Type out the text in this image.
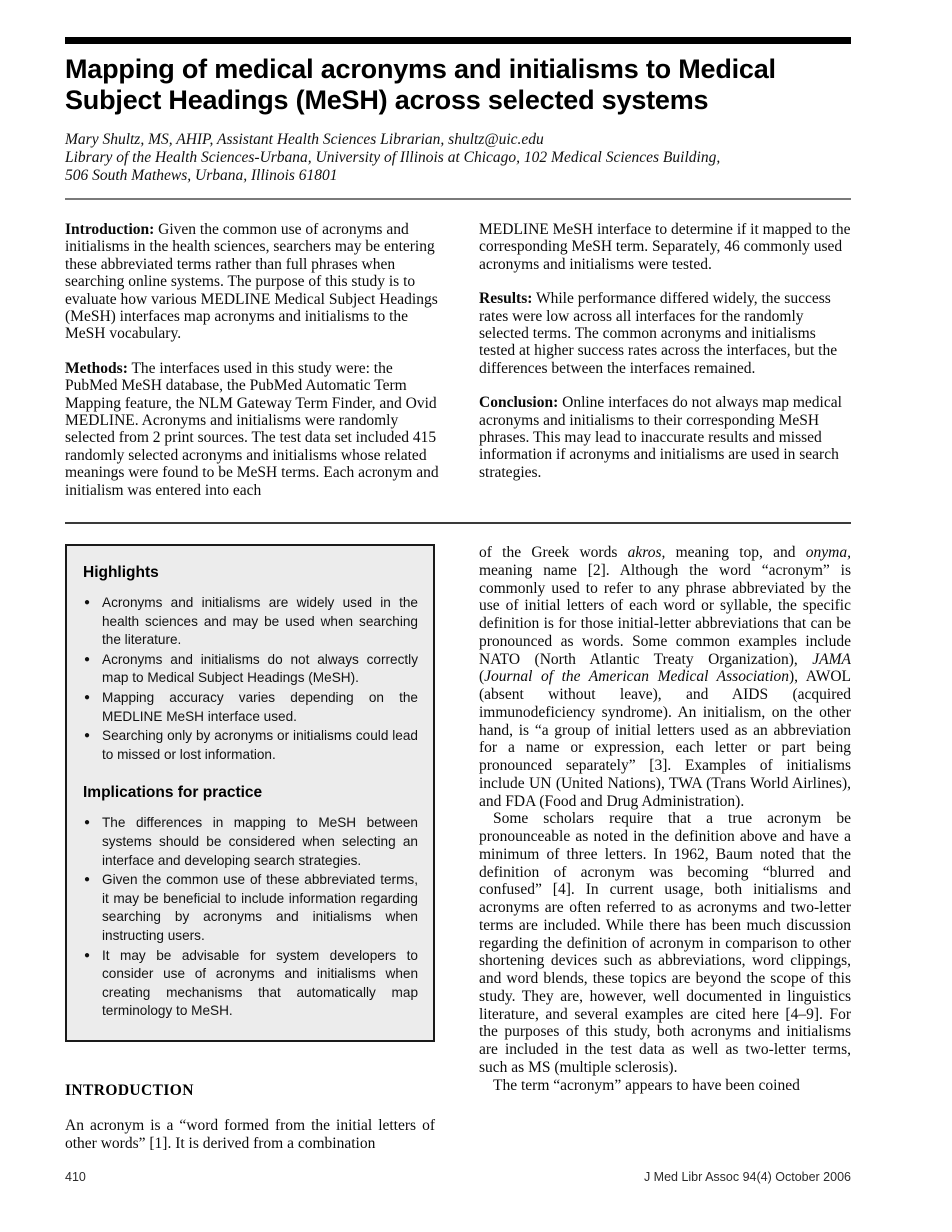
Mapping of medical acronyms and initialisms to Medical Subject Headings (MeSH) across selected systems
Mary Shultz, MS, AHIP, Assistant Health Sciences Librarian, shultz@uic.edu
Library of the Health Sciences-Urbana, University of Illinois at Chicago, 102 Medical Sciences Building,
506 South Mathews, Urbana, Illinois 61801

Introduction: Given the common use of acronyms and initialisms in the health sciences, searchers may be entering these abbreviated terms rather than full phrases when searching online systems. The purpose of this study is to evaluate how various MEDLINE Medical Subject Headings (MeSH) interfaces map acronyms and initialisms to the MeSH vocabulary.

Methods: The interfaces used in this study were: the PubMed MeSH database, the PubMed Automatic Term Mapping feature, the NLM Gateway Term Finder, and Ovid MEDLINE. Acronyms and initialisms were randomly selected from 2 print sources. The test data set included 415 randomly selected acronyms and initialisms whose related meanings were found to be MeSH terms. Each acronym and initialism was entered into each

MEDLINE MeSH interface to determine if it mapped to the corresponding MeSH term. Separately, 46 commonly used acronyms and initialisms were tested.

Results: While performance differed widely, the success rates were low across all interfaces for the randomly selected terms. The common acronyms and initialisms tested at higher success rates across the interfaces, but the differences between the interfaces remained.

Conclusion: Online interfaces do not always map medical acronyms and initialisms to their corresponding MeSH phrases. This may lead to inaccurate results and missed information if acronyms and initialisms are used in search strategies.

Highlights
● Acronyms and initialisms are widely used in the health sciences and may be used when searching the literature.
● Acronyms and initialisms do not always correctly map to Medical Subject Headings (MeSH).
● Mapping accuracy varies depending on the MEDLINE MeSH interface used.
● Searching only by acronyms or initialisms could lead to missed or lost information.
Implications for practice
● The differences in mapping to MeSH between systems should be considered when selecting an interface and developing search strategies.
● Given the common use of these abbreviated terms, it may be beneficial to include information regarding searching by acronyms and initialisms when instructing users.
● It may be advisable for system developers to consider use of acronyms and initialisms when creating mechanisms that automatically map terminology to MeSH.
INTRODUCTION

An acronym is a “word formed from the initial letters of other words” [1]. It is derived from a combination

of the Greek words akros, meaning top, and onyma, meaning name [2]. Although the word “acronym” is commonly used to refer to any phrase abbreviated by the use of initial letters of each word or syllable, the specific definition is for those initial-letter abbreviations that can be pronounced as words. Some common examples include NATO (North Atlantic Treaty Organization), JAMA (Journal of the American Medical Association), AWOL (absent without leave), and AIDS (acquired immunodeficiency syndrome). An initialism, on the other hand, is “a group of initial letters used as an abbreviation for a name or expression, each letter or part being pronounced separately” [3]. Examples of initialisms include UN (United Nations), TWA (Trans World Airlines), and FDA (Food and Drug Administration).

Some scholars require that a true acronym be pronounceable as noted in the definition above and have a minimum of three letters. In 1962, Baum noted that the definition of acronym was becoming “blurred and confused” [4]. In current usage, both initialisms and acronyms are often referred to as acronyms and two-letter terms are included. While there has been much discussion regarding the definition of acronym in comparison to other shortening devices such as abbreviations, word clippings, and word blends, these topics are beyond the scope of this study. They are, however, well documented in linguistics literature, and several examples are cited here [4–9]. For the purposes of this study, both acronyms and initialisms are included in the test data as well as two-letter terms, such as MS (multiple sclerosis).

The term “acronym” appears to have been coined

410	J Med Libr Assoc 94(4) October 2006
